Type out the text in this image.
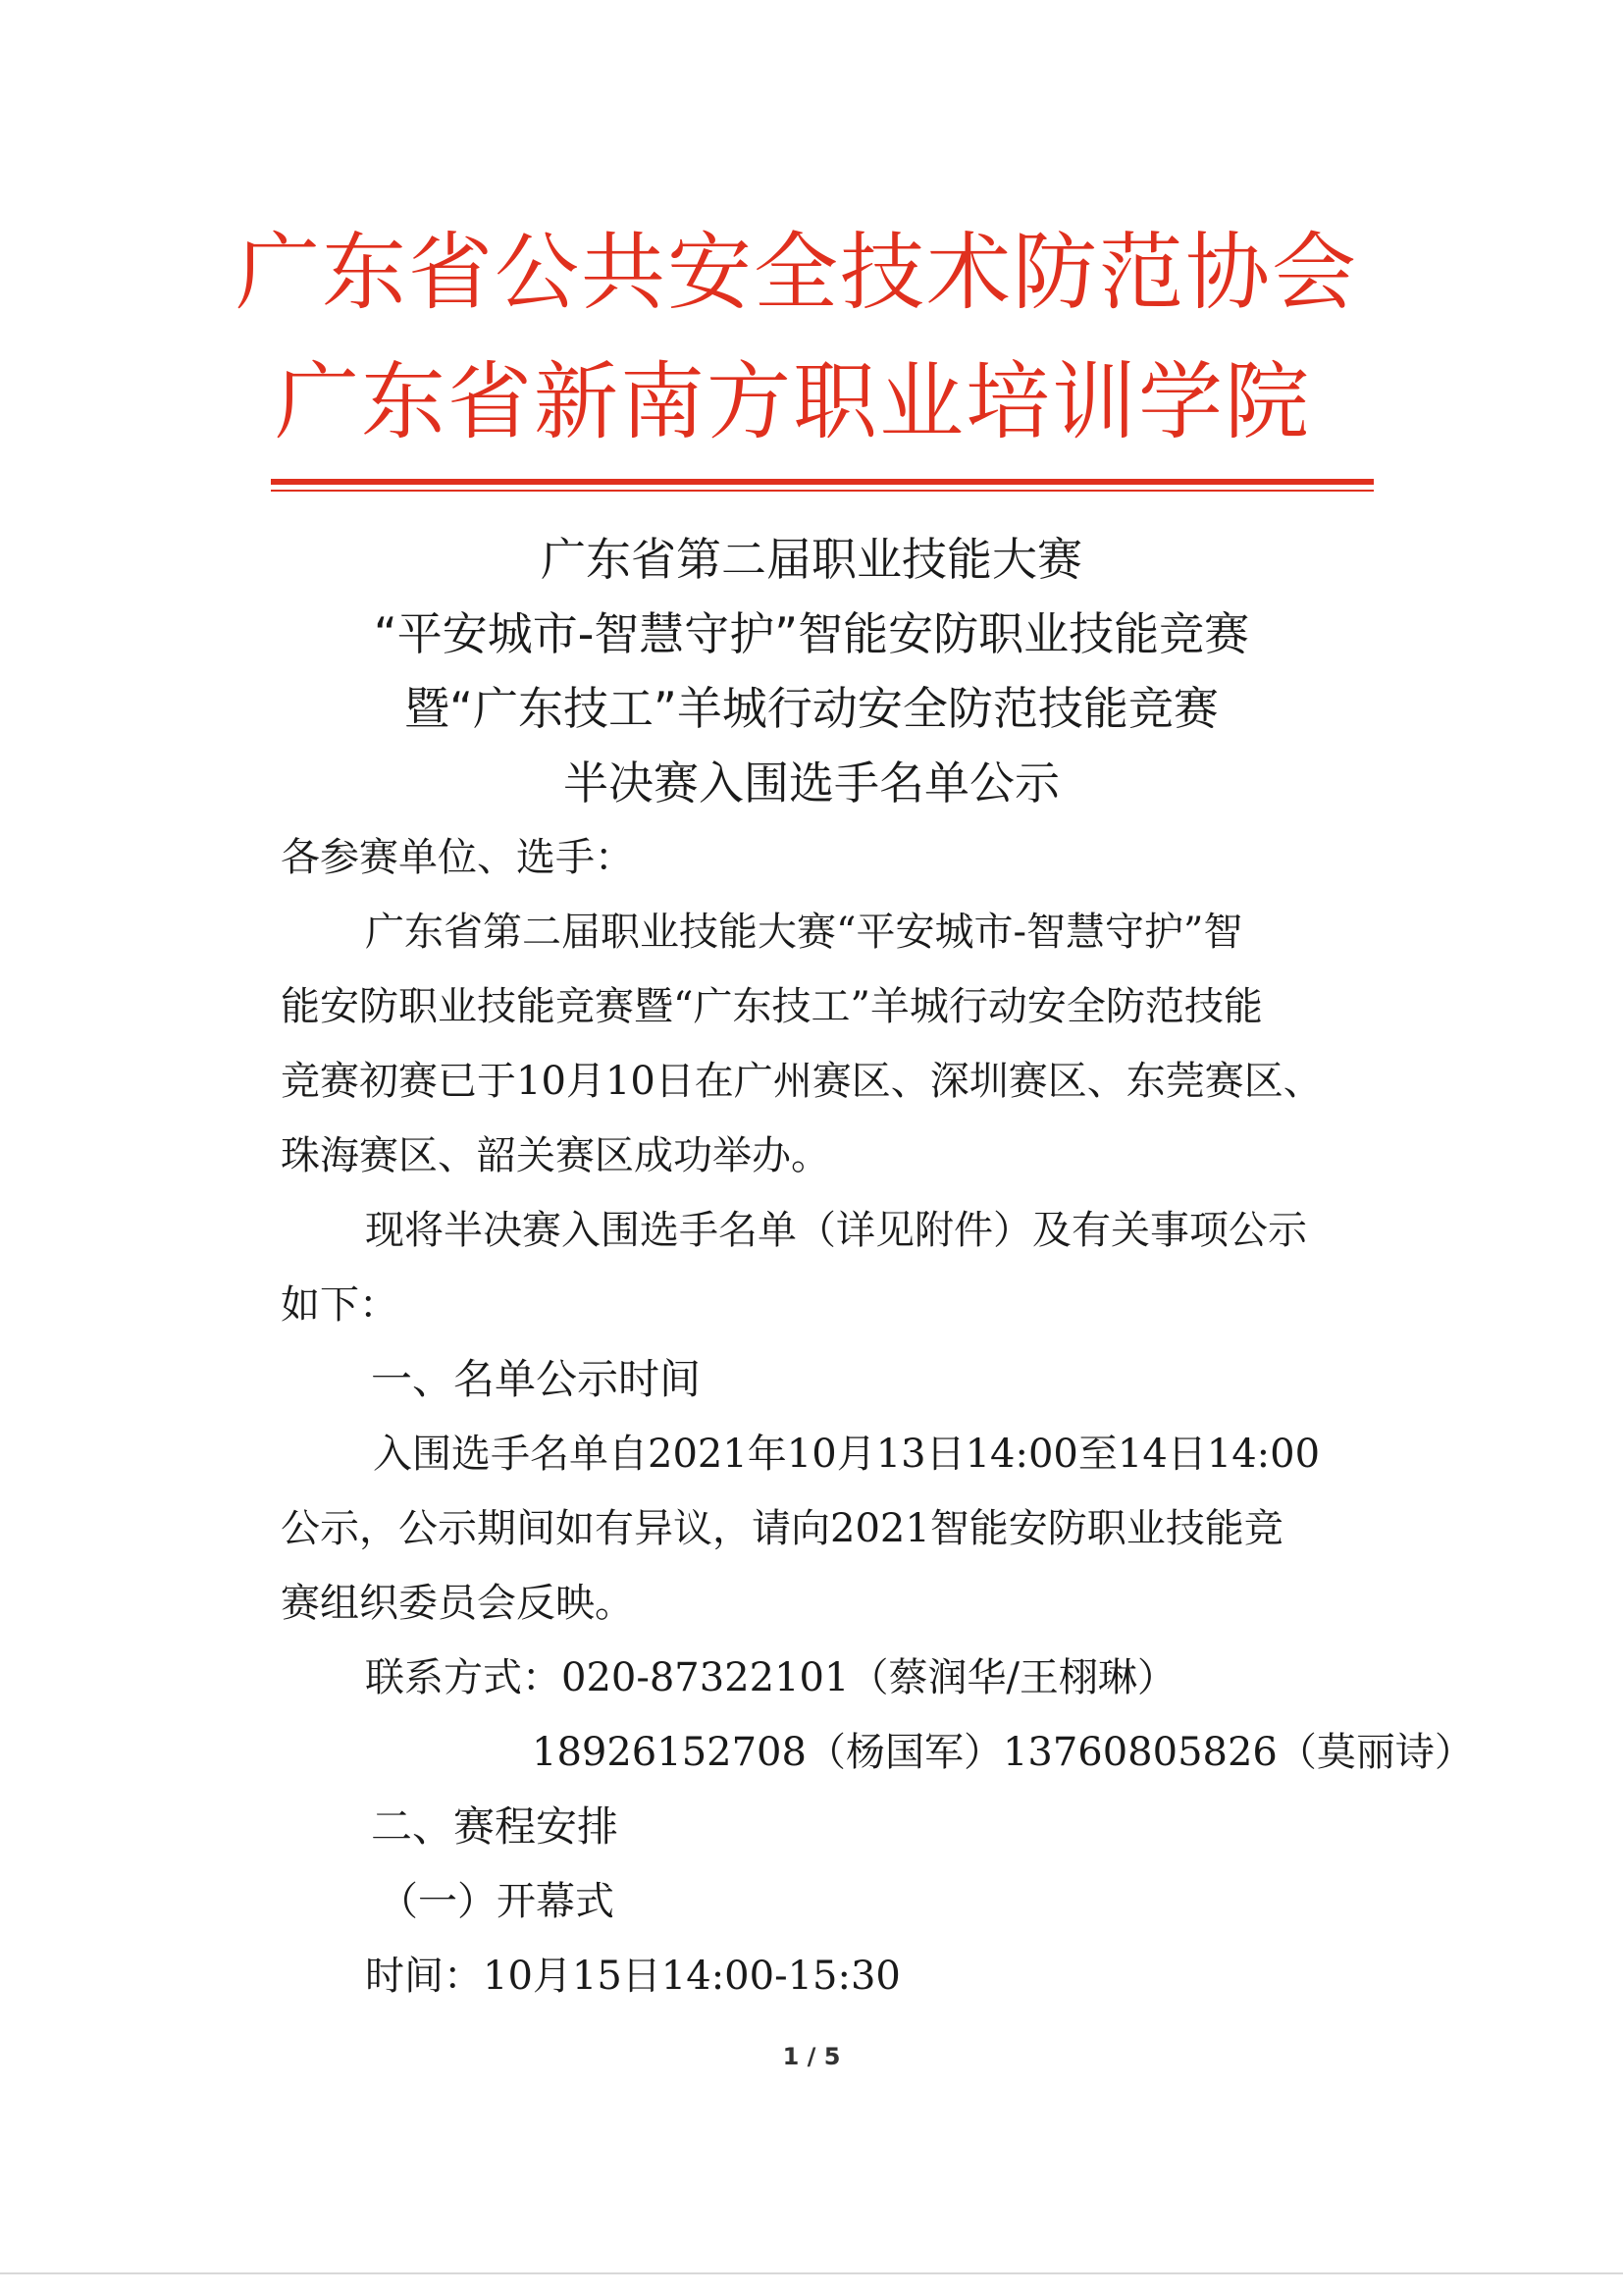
广东省公共安全技术防范协会
广东省新南方职业培训学院
广东省第二届职业技能大赛
“平安城市-智慧守护”智能安防职业技能竞赛
暨“广东技工”羊城行动安全防范技能竞赛
半决赛入围选手名单公示
各参赛单位、选手：
广东省第二届职业技能大赛“平安城市-智慧守护”智
能安防职业技能竞赛暨“广东技工”羊城行动安全防范技能
竞赛初赛已于10月10日在广州赛区、深圳赛区、东莞赛区、
珠海赛区、韶关赛区成功举办。
现将半决赛入围选手名单（详见附件）及有关事项公示
如下：
一、名单公示时间
入围选手名单自2021年10月13日14:00至14日14:00
公示，公示期间如有异议，请向2021智能安防职业技能竞
赛组织委员会反映。
联系方式：020-87322101（蔡润华/王栩琳）
18926152708（杨国军）13760805826（莫丽诗）
二、赛程安排
（一）开幕式
时间：10月15日14:00-15:30
1 / 5
